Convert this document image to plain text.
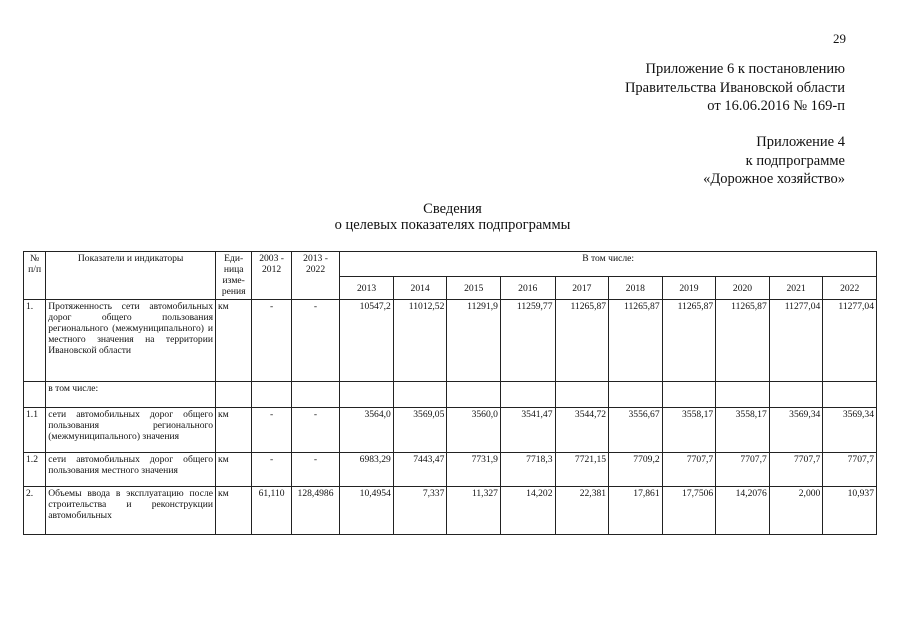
29
Приложение 6 к постановлению
Правительства Ивановской области
от 16.06.2016 № 169-п
Приложение 4
к подпрограмме
«Дорожное хозяйство»
Сведения
о целевых показателях подпрограммы
№ п/п	Показатели и индикаторы	Еди-ница изме-рения	2003 - 2012	2013 - 2022	В том числе:									
					2013	2014	2015	2016	2017	2018	2019	2020	2021	2022
1.	Протяженность сети автомобильных дорог общего пользования регионального (межмуниципального) и местного значения на территории Ивановской области	км	-	-	10547,2	11012,52	11291,9	11259,77	11265,87	11265,87	11265,87	11265,87	11277,04	11277,04
	в том числе:													
1.1	сети автомобильных дорог общего пользования регионального (межмуниципального) значения	км	-	-	3564,0	3569,05	3560,0	3541,47	3544,72	3556,67	3558,17	3558,17	3569,34	3569,34
1.2	сети автомобильных дорог общего пользования местного значения	км	-	-	6983,29	7443,47	7731,9	7718,3	7721,15	7709,2	7707,7	7707,7	7707,7	7707,7
2.	Объемы ввода в эксплуатацию после строительства и реконструкции автомобильных	км	61,110	128,4986	10,4954	7,337	11,327	14,202	22,381	17,861	17,7506	14,2076	2,000	10,937
